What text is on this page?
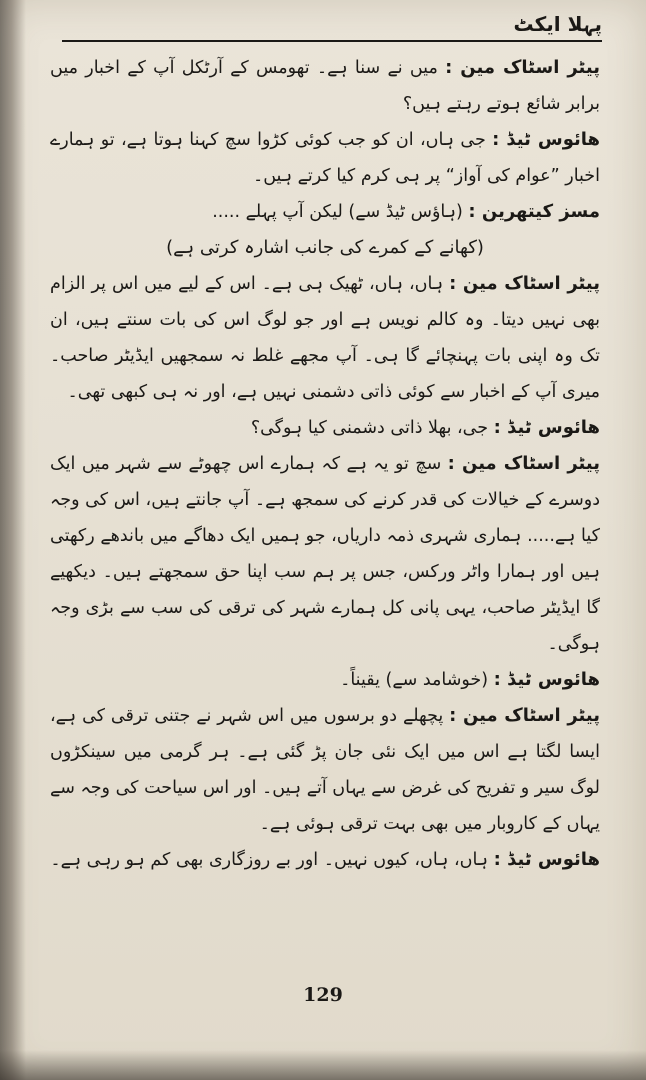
پہلا ایکٹ

پیٹر اسٹاک مین : میں نے سنا ہے۔ تھومس کے آرٹکل آپ کے اخبار میں برابر شائع ہوتے رہتے ہیں؟

ھائوس ٹیڈ : جی ہاں، ان کو جب کوئی کڑوا سچ کہنا ہوتا ہے، تو ہمارے اخبار ”عوام کی آواز“ پر ہی کرم کیا کرتے ہیں۔

مسز کیتھرین : (ہاؤس ٹیڈ سے) لیکن آپ پہلے .....

(کھانے کے کمرے کی جانب اشارہ کرتی ہے)

پیٹر اسٹاک مین : ہاں، ہاں، ٹھیک ہی ہے۔ اس کے لیے میں اس پر الزام بھی نہیں دیتا۔ وہ کالم نویس ہے اور جو لوگ اس کی بات سنتے ہیں، ان تک وہ اپنی بات پہنچائے گا ہی۔ آپ مجھے غلط نہ سمجھیں ایڈیٹر صاحب۔ میری آپ کے اخبار سے کوئی ذاتی دشمنی نہیں ہے، اور نہ ہی کبھی تھی۔

ھائوس ٹیڈ : جی، بھلا ذاتی دشمنی کیا ہوگی؟

پیٹر اسٹاک مین : سچ تو یہ ہے کہ ہمارے اس چھوٹے سے شہر میں ایک دوسرے کے خیالات کی قدر کرنے کی سمجھ ہے۔ آپ جانتے ہیں، اس کی وجہ کیا ہے..... ہماری شہری ذمہ داریاں، جو ہمیں ایک دھاگے میں باندھے رکھتی ہیں اور ہمارا واٹر ورکس، جس پر ہم سب اپنا حق سمجھتے ہیں۔ دیکھیے گا ایڈیٹر صاحب، یہی پانی کل ہمارے شہر کی ترقی کی سب سے بڑی وجہ ہوگی۔

ھائوس ٹیڈ : (خوشامد سے) یقیناً۔

پیٹر اسٹاک مین : پچھلے دو برسوں میں اس شہر نے جتنی ترقی کی ہے، ایسا لگتا ہے اس میں ایک نئی جان پڑ گئی ہے۔ ہر گرمی میں سینکڑوں لوگ سیر و تفریح کی غرض سے یہاں آتے ہیں۔ اور اس سیاحت کی وجہ سے یہاں کے کاروبار میں بھی بہت ترقی ہوئی ہے۔

ھائوس ٹیڈ : ہاں، ہاں، کیوں نہیں۔ اور بے روزگاری بھی کم ہو رہی ہے۔

129
